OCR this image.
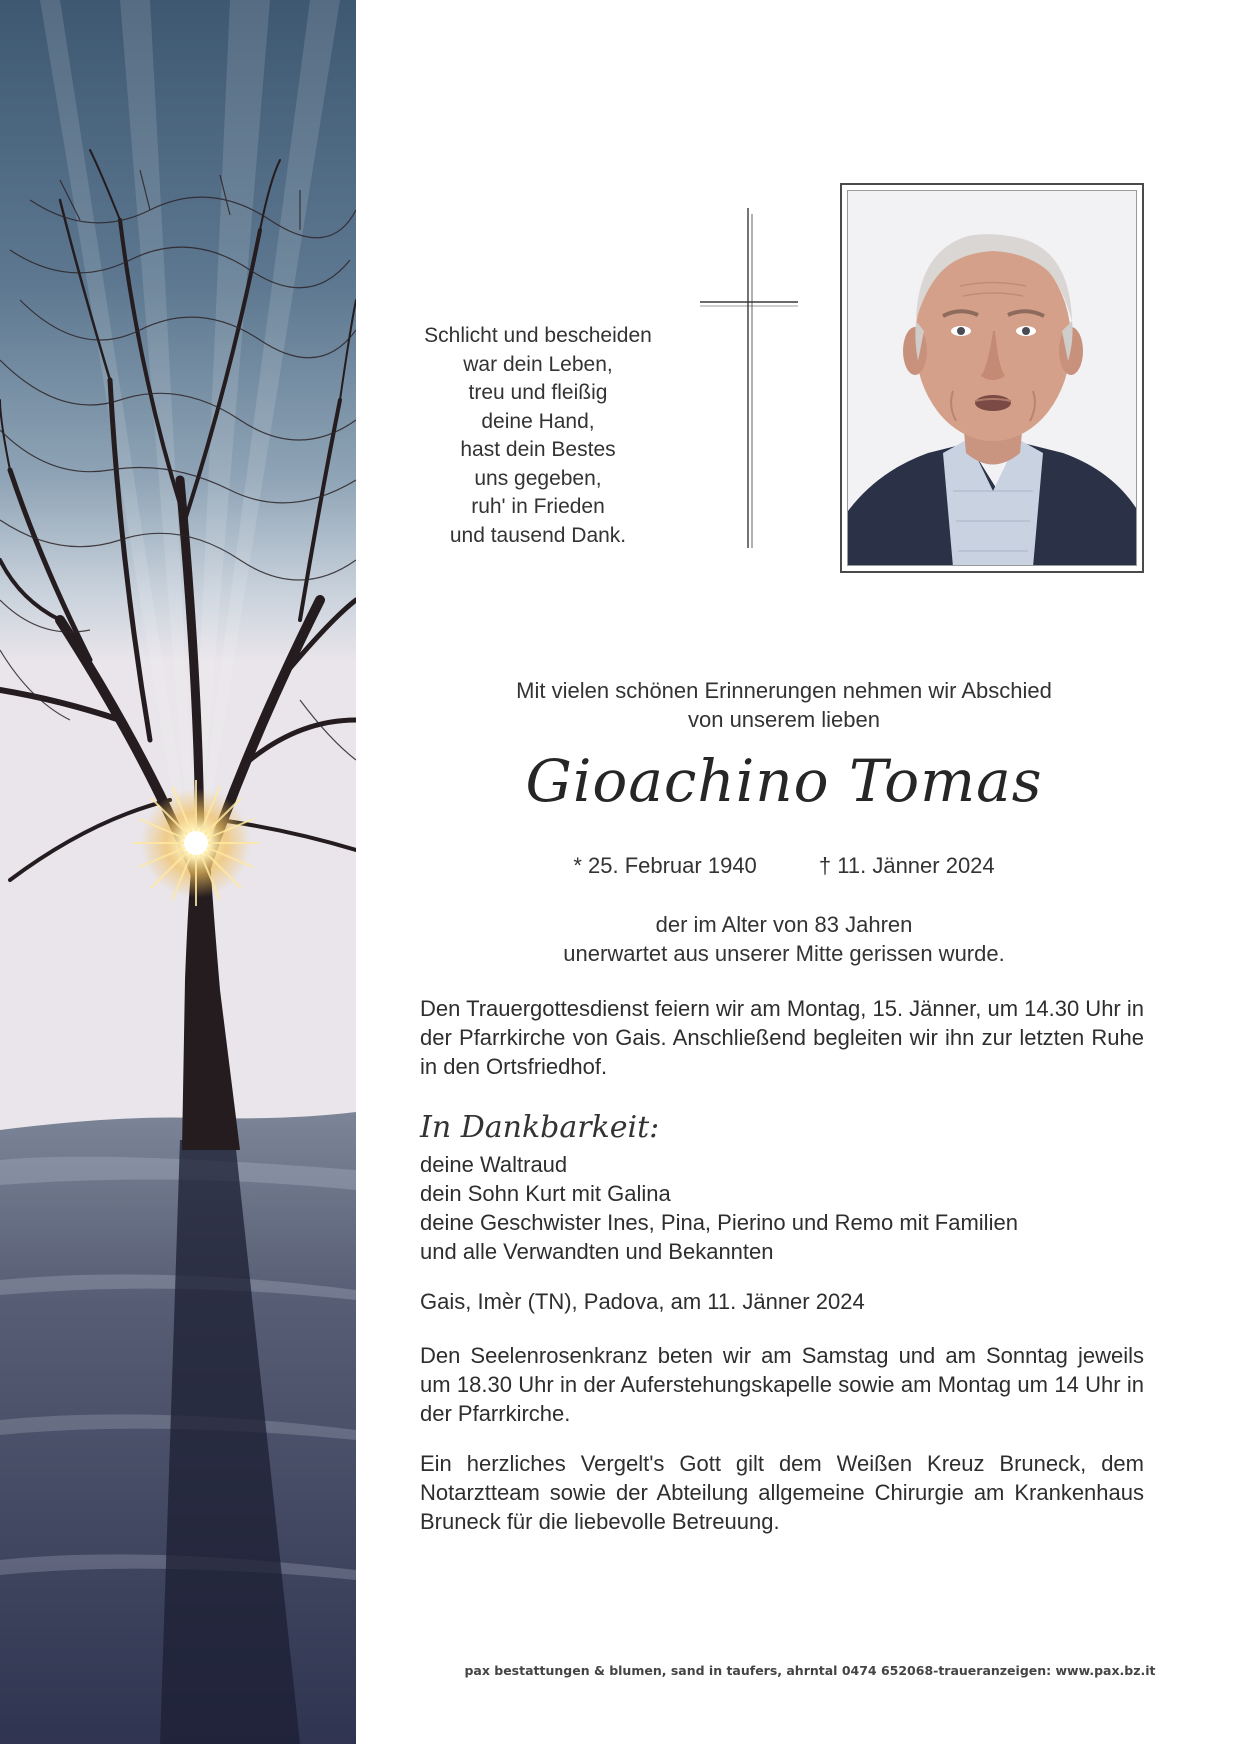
Schlicht und bescheiden
war dein Leben,
treu und fleißig
deine Hand,
hast dein Bestes
uns gegeben,
ruh' in Frieden
und tausend Dank.
Mit vielen schönen Erinnerungen nehmen wir Abschied
von unserem lieben
Gioachino Tomas
* 25. Februar 1940	† 11. Jänner 2024
der im Alter von 83 Jahren
unerwartet aus unserer Mitte gerissen wurde.
Den Trauergottesdienst feiern wir am Montag, 15. Jänner, um 14.30 Uhr in der Pfarrkirche von Gais. Anschließend begleiten wir ihn zur letzten Ruhe in den Ortsfriedhof.
In Dankbarkeit:
deine Waltraud
dein Sohn Kurt mit Galina
deine Geschwister Ines, Pina, Pierino und Remo mit Familien
und alle Verwandten und Bekannten
Gais, Imèr (TN), Padova, am 11. Jänner 2024
Den Seelenrosenkranz beten wir am Samstag und am Sonntag jeweils um 18.30 Uhr in der Auferstehungskapelle sowie am Montag um 14 Uhr in der Pfarrkirche.
Ein herzliches Vergelt's Gott gilt dem Weißen Kreuz Bruneck, dem Notarztteam sowie der Abteilung allgemeine Chirurgie am Krankenhaus Bruneck für die liebevolle Betreuung.
pax bestattungen & blumen, sand in taufers, ahrntal 0474 652068-traueranzeigen: www.pax.bz.it
